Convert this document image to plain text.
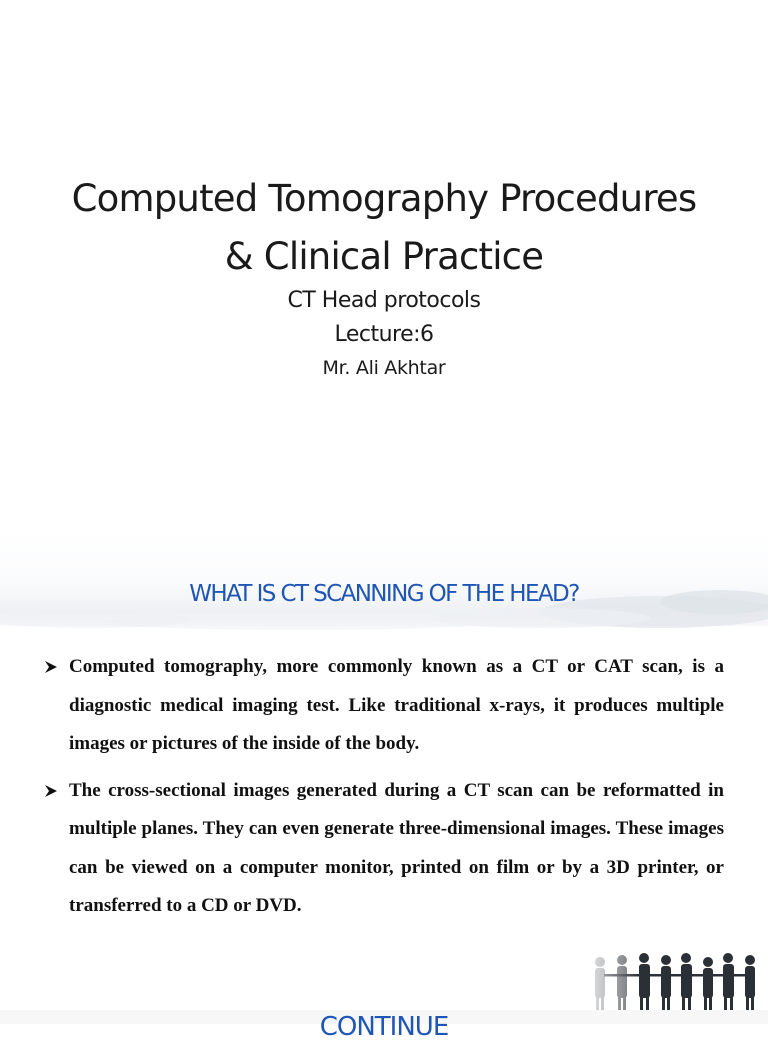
Computed Tomography Procedures
& Clinical Practice
CT Head protocols
Lecture:6
Mr. Ali Akhtar
WHAT IS CT SCANNING OF THE HEAD?
Computed tomography, more commonly known as a CT or CAT scan, is a diagnostic medical imaging test. Like traditional x-rays, it produces multiple images or pictures of the inside of the body.
The cross-sectional images generated during a CT scan can be reformatted in multiple planes. They can even generate three-dimensional images. These images can be viewed on a computer monitor, printed on film or by a 3D printer, or transferred to a CD or DVD.
CONTINUE
